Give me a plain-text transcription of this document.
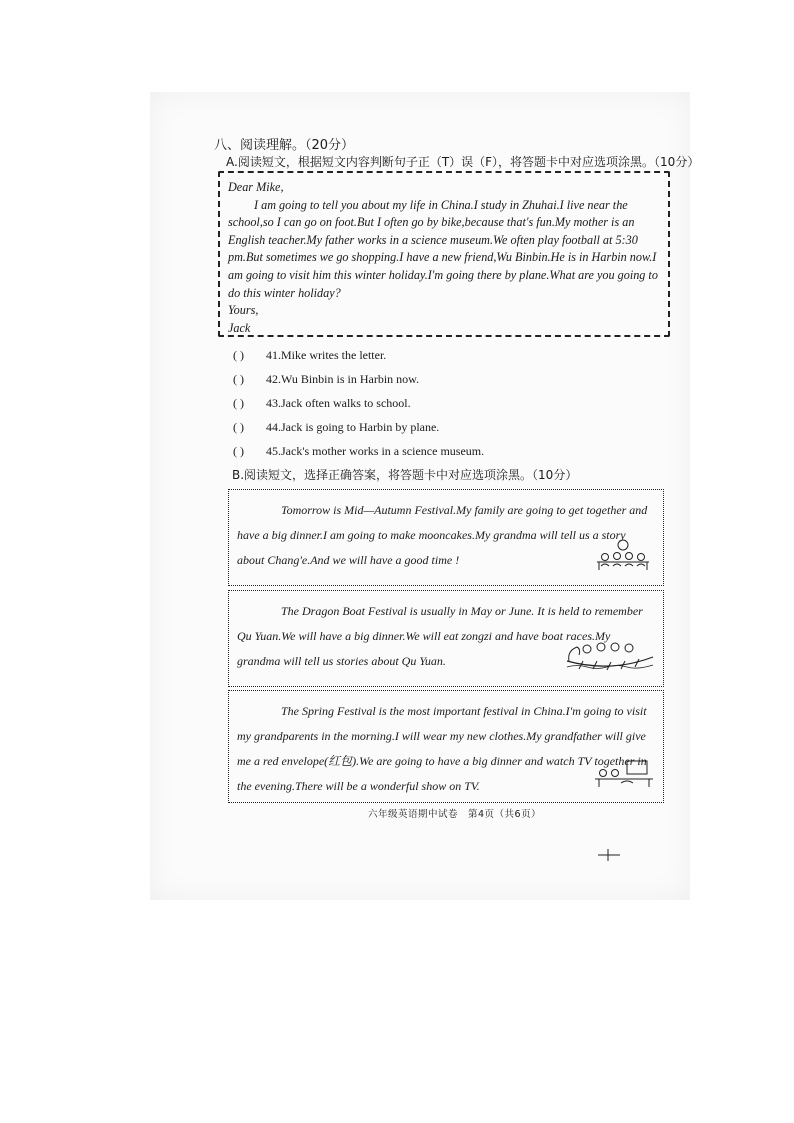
八、阅读理解。（20分）
A.阅读短文，根据短文内容判断句子正（T）误（F），将答题卡中对应选项涂黑。（10分）

Dear Mike,

I am going to tell you about my life in China.I study in Zhuhai.I live near the school,so I can go on foot.But I often go by bike,because that's fun.My mother is an English teacher.My father works in a science museum.We often play football at 5:30 pm.But sometimes we go shopping.I have a new friend,Wu Binbin.He is in Harbin now.I am going to visit him this winter holiday.I'm going there by plane.What are you going to do this winter holiday?

Yours,

Jack

( ) 41.Mike writes the letter.
( ) 42.Wu Binbin is in Harbin now.
( ) 43.Jack often walks to school.
( ) 44.Jack is going to Harbin by plane.
( ) 45.Jack's mother works in a science museum.
B.阅读短文，选择正确答案，将答题卡中对应选项涂黑。（10分）

Tomorrow is Mid—Autumn Festival.My family are going to get together and have a big dinner.I am going to make mooncakes.My grandma will tell us a story about Chang'e.And we will have a good time !

The Dragon Boat Festival is usually in May or June. It is held to remember Qu Yuan.We will have a big dinner.We will eat zongzi and have boat races.My grandma will tell us stories about Qu Yuan.

The Spring Festival is the most important festival in China.I'm going to visit my grandparents in the morning.I will wear my new clothes.My grandfather will give me a red envelope(红包).We are going to have a big dinner and watch TV together in the evening.There will be a wonderful show on TV.

六年级英语期中试卷　第4页（共6页）
